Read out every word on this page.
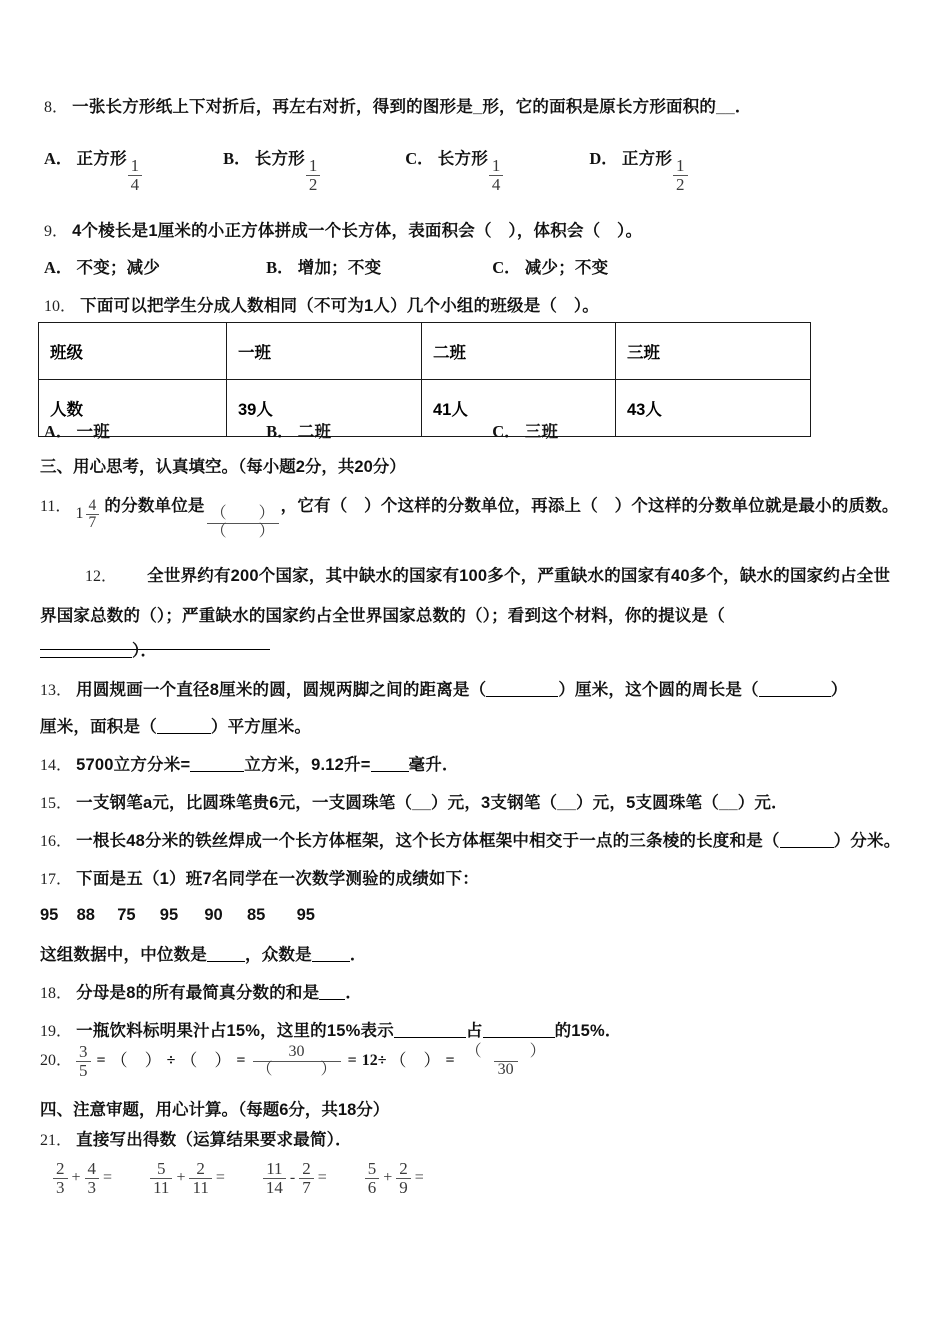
8． 一张长方形纸上下对折后，再左右对折，得到的图形是_形，它的面积是原长方形面积的__．
A． 正方形 $\frac{1}{4}$	B． 长方形 $\frac{1}{2}$	C． 长方形 $\frac{1}{4}$	D． 正方形 $\frac{1}{2}$
9． 4个棱长是1厘米的小正方体拼成一个长方体，表面积会（　），体积会（　）。
A． 不变；减少	B． 增加；不变	C． 减少；不变
10． 下面可以把学生分成人数相同（不可为1人）几个小组的班级是（　）。
班级	一班	二班	三班
人数	39人	41人	43人
A． 一班	B． 二班	C． 三班
三、用心思考，认真填空。（每小题2分，共20分）
11． $1 \frac{4}{7}$ 的分数单位是
$\frac{( )}{( )}$
，它有（　）个这样的分数单位，再添上（　）个这样的分数单位就是最小的质数。
12． 全世界约有200个国家，其中缺水的国家有100多个，严重缺水的国家有40多个，缺水的国家约占全世
界国家总数的（）；严重缺水的国家约占全世界国家总数的（）；看到这个材料，你的提议是（
）．
13． 用圆规画一个直径8厘米的圆，圆规两脚之间的距离是（	）厘米，这个圆的周长是（	）
厘米，面积是（	）平方厘米。
14． 5700立方分米=	立方米，9.12升= 毫升．
15． 一支钢笔a元，比圆珠笔贵6元，一支圆珠笔（__）元，3支钢笔（__）元，5支圆珠笔（__）元．
16． 一根长48分米的铁丝焊成一个长方体框架，这个长方体框架中相交于一点的三条棱的长度和是（	）分米。
17． 下面是五（1）班7名同学在一次数学测验的成绩如下：
95 88 75 95 90 85 95
这组数据中，中位数是 ，众数是 ．
18． 分母是8的所有最简真分数的和是 ．
19． 一瓶饮料标明果汁占15%，这里的15%表示	占	的15%．
20． $\frac{3}{5}$ = （　） ÷ （　） = $\frac{30}{( )} = 12\div$ （　） = $\frac{( )}{30}$
四、注意审题，用心计算。（每题6分，共18分）
21． 直接写出得数（运算结果要求最简）．
$\frac{2}{3} + \frac{4}{3} = \frac{5}{11} + \frac{2}{11} = \frac{11}{14} - \frac{2}{7} = \frac{5}{6} + \frac{2}{9}$ =
